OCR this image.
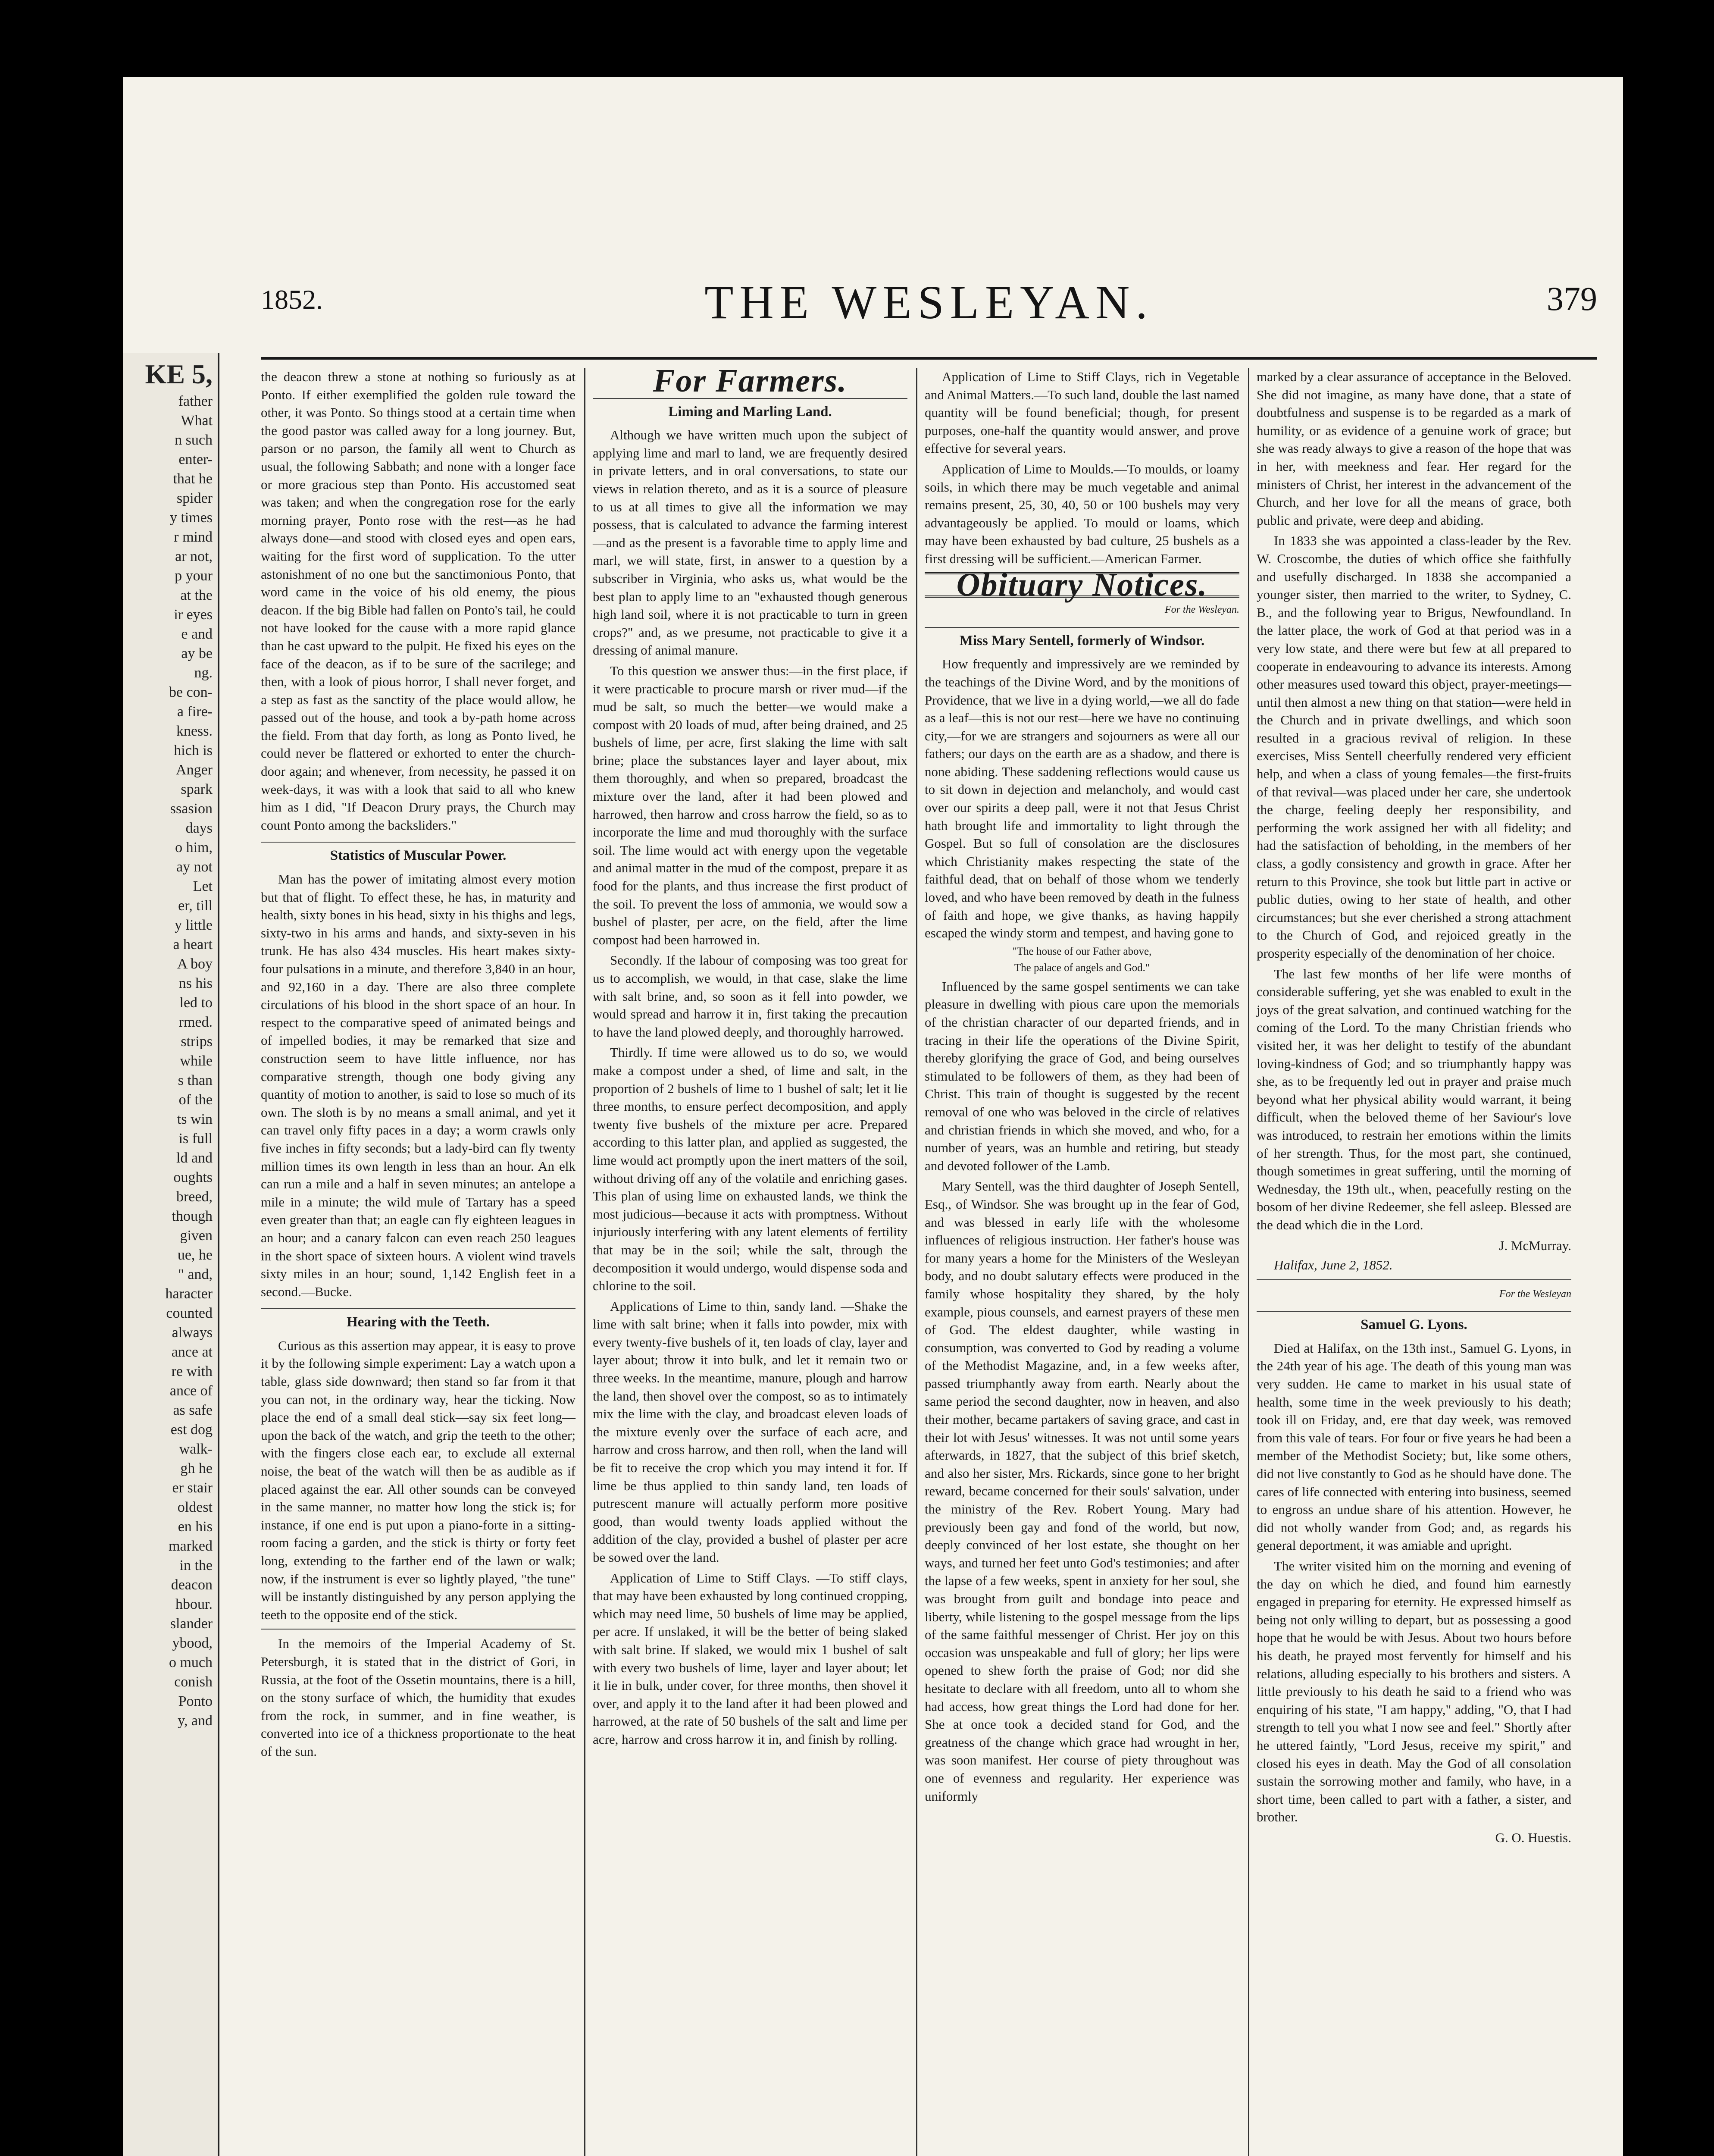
KE 5,
father
What
n such
enter-
that he
spider
y times
r mind
ar not,
p your
at the
ir eyes
e and
ay be
ng.
be con-
a fire-
kness.
hich is
Anger
spark
ssasion
days
o him,
ay not
Let
er, till
y little
a heart
A boy
ns his
led to
rmed.
strips
while
s than
of the
ts win
is full
ld and
oughts
breed,
though
given
ue, he
" and,
haracter
counted
always
ance at
re with
ance of
as safe
est dog
walk-
gh he
er stair
oldest
en his
marked
in the
deacon
hbour.
slander
ybood,
o much
conish
Ponto
y, and
1852.	THE WESLEYAN.	379

the deacon threw a stone at nothing so furiously as at Ponto. If either exemplified the golden rule toward the other, it was Ponto. So things stood at a certain time when the good pastor was called away for a long journey. But, parson or no parson, the family all went to Church as usual, the following Sabbath; and none with a longer face or more gracious step than Ponto. His accustomed seat was taken; and when the congregation rose for the early morning prayer, Ponto rose with the rest—as he had always done—and stood with closed eyes and open ears, waiting for the first word of supplication. To the utter astonishment of no one but the sanctimonious Ponto, that word came in the voice of his old enemy, the pious deacon. If the big Bible had fallen on Ponto's tail, he could not have looked for the cause with a more rapid glance than he cast upward to the pulpit. He fixed his eyes on the face of the deacon, as if to be sure of the sacrilege; and then, with a look of pious horror, I shall never forget, and a step as fast as the sanctity of the place would allow, he passed out of the house, and took a by-path home across the field. From that day forth, as long as Ponto lived, he could never be flattered or exhorted to enter the church-door again; and whenever, from necessity, he passed it on week-days, it was with a look that said to all who knew him as I did, "If Deacon Drury prays, the Church may count Ponto among the backsliders."

Statistics of Muscular Power.

Man has the power of imitating almost every motion but that of flight. To effect these, he has, in maturity and health, sixty bones in his head, sixty in his thighs and legs, sixty-two in his arms and hands, and sixty-seven in his trunk. He has also 434 muscles. His heart makes sixty-four pulsations in a minute, and therefore 3,840 in an hour, and 92,160 in a day. There are also three complete circulations of his blood in the short space of an hour. In respect to the comparative speed of animated beings and of impelled bodies, it may be remarked that size and construction seem to have little influence, nor has comparative strength, though one body giving any quantity of motion to another, is said to lose so much of its own. The sloth is by no means a small animal, and yet it can travel only fifty paces in a day; a worm crawls only five inches in fifty seconds; but a lady-bird can fly twenty million times its own length in less than an hour. An elk can run a mile and a half in seven minutes; an antelope a mile in a minute; the wild mule of Tartary has a speed even greater than that; an eagle can fly eighteen leagues in an hour; and a canary falcon can even reach 250 leagues in the short space of sixteen hours. A violent wind travels sixty miles in an hour; sound, 1,142 English feet in a second.—Bucke.

Hearing with the Teeth.

Curious as this assertion may appear, it is easy to prove it by the following simple experiment: Lay a watch upon a table, glass side downward; then stand so far from it that you can not, in the ordinary way, hear the ticking. Now place the end of a small deal stick—say six feet long—upon the back of the watch, and grip the teeth to the other; with the fingers close each ear, to exclude all external noise, the beat of the watch will then be as audible as if placed against the ear. All other sounds can be conveyed in the same manner, no matter how long the stick is; for instance, if one end is put upon a piano-forte in a sitting-room facing a garden, and the stick is thirty or forty feet long, extending to the farther end of the lawn or walk; now, if the instrument is ever so lightly played, "the tune" will be instantly distinguished by any person applying the teeth to the opposite end of the stick.

In the memoirs of the Imperial Academy of St. Petersburgh, it is stated that in the district of Gori, in Russia, at the foot of the Ossetin mountains, there is a hill, on the stony surface of which, the humidity that exudes from the rock, in summer, and in fine weather, is converted into ice of a thickness proportionate to the heat of the sun.

For Farmers.
Liming and Marling Land.

Although we have written much upon the subject of applying lime and marl to land, we are frequently desired in private letters, and in oral conversations, to state our views in relation thereto, and as it is a source of pleasure to us at all times to give all the information we may possess, that is calculated to advance the farming interest—and as the present is a favorable time to apply lime and marl, we will state, first, in answer to a question by a subscriber in Virginia, who asks us, what would be the best plan to apply lime to an "exhausted though generous high land soil, where it is not practicable to turn in green crops?" and, as we presume, not practicable to give it a dressing of animal manure.

To this question we answer thus:—in the first place, if it were practicable to procure marsh or river mud—if the mud be salt, so much the better—we would make a compost with 20 loads of mud, after being drained, and 25 bushels of lime, per acre, first slaking the lime with salt brine; place the substances layer and layer about, mix them thoroughly, and when so prepared, broadcast the mixture over the land, after it had been plowed and harrowed, then harrow and cross harrow the field, so as to incorporate the lime and mud thoroughly with the surface soil. The lime would act with energy upon the vegetable and animal matter in the mud of the compost, prepare it as food for the plants, and thus increase the first product of the soil. To prevent the loss of ammonia, we would sow a bushel of plaster, per acre, on the field, after the lime compost had been harrowed in.

Secondly. If the labour of composing was too great for us to accomplish, we would, in that case, slake the lime with salt brine, and, so soon as it fell into powder, we would spread and harrow it in, first taking the precaution to have the land plowed deeply, and thoroughly harrowed.

Thirdly. If time were allowed us to do so, we would make a compost under a shed, of lime and salt, in the proportion of 2 bushels of lime to 1 bushel of salt; let it lie three months, to ensure perfect decomposition, and apply twenty five bushels of the mixture per acre. Prepared according to this latter plan, and applied as suggested, the lime would act promptly upon the inert matters of the soil, without driving off any of the volatile and enriching gases. This plan of using lime on exhausted lands, we think the most judicious—because it acts with promptness. Without injuriously interfering with any latent elements of fertility that may be in the soil; while the salt, through the decomposition it would undergo, would dispense soda and chlorine to the soil.

Applications of Lime to thin, sandy land. —Shake the lime with salt brine; when it falls into powder, mix with every twenty-five bushels of it, ten loads of clay, layer and layer about; throw it into bulk, and let it remain two or three weeks. In the meantime, manure, plough and harrow the land, then shovel over the compost, so as to intimately mix the lime with the clay, and broadcast eleven loads of the mixture evenly over the surface of each acre, and harrow and cross harrow, and then roll, when the land will be fit to receive the crop which you may intend it for. If lime be thus applied to thin sandy land, ten loads of putrescent manure will actually perform more positive good, than would twenty loads applied without the addition of the clay, provided a bushel of plaster per acre be sowed over the land.

Application of Lime to Stiff Clays. —To stiff clays, that may have been exhausted by long continued cropping, which may need lime, 50 bushels of lime may be applied, per acre. If unslaked, it will be the better of being slaked with salt brine. If slaked, we would mix 1 bushel of salt with every two bushels of lime, layer and layer about; let it lie in bulk, under cover, for three months, then shovel it over, and apply it to the land after it had been plowed and harrowed, at the rate of 50 bushels of the salt and lime per acre, harrow and cross harrow it in, and finish by rolling.

Application of Lime to Stiff Clays, rich in Vegetable and Animal Matters.—To such land, double the last named quantity will be found beneficial; though, for present purposes, one-half the quantity would answer, and prove effective for several years.

Application of Lime to Moulds.—To moulds, or loamy soils, in which there may be much vegetable and animal remains present, 25, 30, 40, 50 or 100 bushels may very advantageously be applied. To mould or loams, which may have been exhausted by bad culture, 25 bushels as a first dressing will be sufficient.—American Farmer.

Obituary Notices.
For the Wesleyan.
Miss Mary Sentell, formerly of Windsor.

How frequently and impressively are we reminded by the teachings of the Divine Word, and by the monitions of Providence, that we live in a dying world,—we all do fade as a leaf—this is not our rest—here we have no continuing city,—for we are strangers and sojourners as were all our fathers; our days on the earth are as a shadow, and there is none abiding. These saddening reflections would cause us to sit down in dejection and melancholy, and would cast over our spirits a deep pall, were it not that Jesus Christ hath brought life and immortality to light through the Gospel. But so full of consolation are the disclosures which Christianity makes respecting the state of the faithful dead, that on behalf of those whom we tenderly loved, and who have been removed by death in the fulness of faith and hope, we give thanks, as having happily escaped the windy storm and tempest, and having gone to

"The house of our Father above,
The palace of angels and God."

Influenced by the same gospel sentiments we can take pleasure in dwelling with pious care upon the memorials of the christian character of our departed friends, and in tracing in their life the operations of the Divine Spirit, thereby glorifying the grace of God, and being ourselves stimulated to be followers of them, as they had been of Christ. This train of thought is suggested by the recent removal of one who was beloved in the circle of relatives and christian friends in which she moved, and who, for a number of years, was an humble and retiring, but steady and devoted follower of the Lamb.

Mary Sentell, was the third daughter of Joseph Sentell, Esq., of Windsor. She was brought up in the fear of God, and was blessed in early life with the wholesome influences of religious instruction. Her father's house was for many years a home for the Ministers of the Wesleyan body, and no doubt salutary effects were produced in the family whose hospitality they shared, by the holy example, pious counsels, and earnest prayers of these men of God. The eldest daughter, while wasting in consumption, was converted to God by reading a volume of the Methodist Magazine, and, in a few weeks after, passed triumphantly away from earth. Nearly about the same period the second daughter, now in heaven, and also their mother, became partakers of saving grace, and cast in their lot with Jesus' witnesses. It was not until some years afterwards, in 1827, that the subject of this brief sketch, and also her sister, Mrs. Rickards, since gone to her bright reward, became concerned for their souls' salvation, under the ministry of the Rev. Robert Young. Mary had previously been gay and fond of the world, but now, deeply convinced of her lost estate, she thought on her ways, and turned her feet unto God's testimonies; and after the lapse of a few weeks, spent in anxiety for her soul, she was brought from guilt and bondage into peace and liberty, while listening to the gospel message from the lips of the same faithful messenger of Christ. Her joy on this occasion was unspeakable and full of glory; her lips were opened to shew forth the praise of God; nor did she hesitate to declare with all freedom, unto all to whom she had access, how great things the Lord had done for her. She at once took a decided stand for God, and the greatness of the change which grace had wrought in her, was soon manifest. Her course of piety throughout was one of evenness and regularity. Her experience was uniformly

marked by a clear assurance of acceptance in the Beloved. She did not imagine, as many have done, that a state of doubtfulness and suspense is to be regarded as a mark of humility, or as evidence of a genuine work of grace; but she was ready always to give a reason of the hope that was in her, with meekness and fear. Her regard for the ministers of Christ, her interest in the advancement of the Church, and her love for all the means of grace, both public and private, were deep and abiding.

In 1833 she was appointed a class-leader by the Rev. W. Croscombe, the duties of which office she faithfully and usefully discharged. In 1838 she accompanied a younger sister, then married to the writer, to Sydney, C. B., and the following year to Brigus, Newfoundland. In the latter place, the work of God at that period was in a very low state, and there were but few at all prepared to cooperate in endeavouring to advance its interests. Among other measures used toward this object, prayer-meetings—until then almost a new thing on that station—were held in the Church and in private dwellings, and which soon resulted in a gracious revival of religion. In these exercises, Miss Sentell cheerfully rendered very efficient help, and when a class of young females—the first-fruits of that revival—was placed under her care, she undertook the charge, feeling deeply her responsibility, and performing the work assigned her with all fidelity; and had the satisfaction of beholding, in the members of her class, a godly consistency and growth in grace. After her return to this Province, she took but little part in active or public duties, owing to her state of health, and other circumstances; but she ever cherished a strong attachment to the Church of God, and rejoiced greatly in the prosperity especially of the denomination of her choice.

The last few months of her life were months of considerable suffering, yet she was enabled to exult in the joys of the great salvation, and continued watching for the coming of the Lord. To the many Christian friends who visited her, it was her delight to testify of the abundant loving-kindness of God; and so triumphantly happy was she, as to be frequently led out in prayer and praise much beyond what her physical ability would warrant, it being difficult, when the beloved theme of her Saviour's love was introduced, to restrain her emotions within the limits of her strength. Thus, for the most part, she continued, though sometimes in great suffering, until the morning of Wednesday, the 19th ult., when, peacefully resting on the bosom of her divine Redeemer, she fell asleep. Blessed are the dead which die in the Lord.

J. McMurray.
Halifax, June 2, 1852.
For the Wesleyan
Samuel G. Lyons.

Died at Halifax, on the 13th inst., Samuel G. Lyons, in the 24th year of his age. The death of this young man was very sudden. He came to market in his usual state of health, some time in the week previously to his death; took ill on Friday, and, ere that day week, was removed from this vale of tears. For four or five years he had been a member of the Methodist Society; but, like some others, did not live constantly to God as he should have done. The cares of life connected with entering into business, seemed to engross an undue share of his attention. However, he did not wholly wander from God; and, as regards his general deportment, it was amiable and upright.

The writer visited him on the morning and evening of the day on which he died, and found him earnestly engaged in preparing for eternity. He expressed himself as being not only willing to depart, but as possessing a good hope that he would be with Jesus. About two hours before his death, he prayed most fervently for himself and his relations, alluding especially to his brothers and sisters. A little previously to his death he said to a friend who was enquiring of his state, "I am happy," adding, "O, that I had strength to tell you what I now see and feel." Shortly after he uttered faintly, "Lord Jesus, receive my spirit," and closed his eyes in death. May the God of all consolation sustain the sorrowing mother and family, who have, in a short time, been called to part with a father, a sister, and brother.

G. O. Huestis.
